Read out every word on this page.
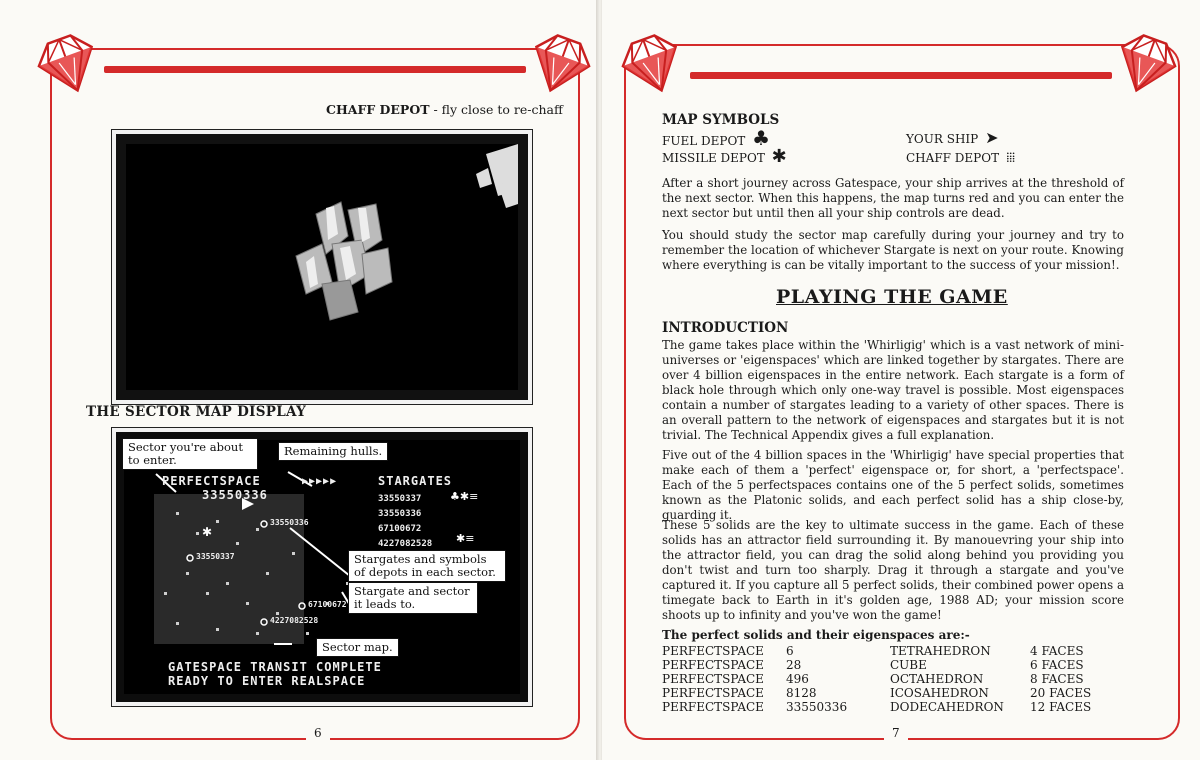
CHAFF DEPOT - fly close to re-chaff
THE SECTOR MAP DISPLAY
✱
♣✱≡
✱≡
PERFECTSPACE
33550336
▶▶▶▶▶	STARGATES
33550337
33550336
67100672
4227082528
33550336
33550337
67100672
4227082528
GATESPACE TRANSIT COMPLETE
READY TO ENTER REALSPACE
Sector you're about to enter.
Remaining hulls.
Stargates and symbols of depots in each sector.
Stargate and sector it leads to.
Sector map.
6	7
MAP SYMBOLS
FUEL DEPOT ♣
MISSILE DEPOT ✱
YOUR SHIP ➤
CHAFF DEPOT ⁞⁞⁞
After a short journey across Gatespace, your ship arrives at the threshold of the next sector. When this happens, the map turns red and you can enter the next sector but until then all your ship controls are dead.
You should study the sector map carefully during your journey and try to remember the location of whichever Stargate is next on your route. Knowing where everything is can be vitally important to the success of your mission!.
PLAYING THE GAME
INTRODUCTION
The game takes place within the 'Whirligig' which is a vast network of mini-universes or 'eigenspaces' which are linked together by stargates. There are over 4 billion eigenspaces in the entire network. Each stargate is a form of black hole through which only one-way travel is possible. Most eigenspaces contain a number of stargates leading to a variety of other spaces. There is an overall pattern to the network of eigenspaces and stargates but it is not trivial. The Technical Appendix gives a full explanation.
Five out of the 4 billion spaces in the 'Whirligig' have special properties that make each of them a 'perfect' eigenspace or, for short, a 'perfectspace'. Each of the 5 perfectspaces contains one of the 5 perfect solids, sometimes known as the Platonic solids, and each perfect solid has a ship close-by, guarding it.
These 5 solids are the key to ultimate success in the game. Each of these solids has an attractor field surrounding it. By manouevring your ship into the attractor field, you can drag the solid along behind you providing you don't twist and turn too sharply. Drag it through a stargate and you've captured it. If you capture all 5 perfect solids, their combined power opens a timegate back to Earth in it's golden age, 1988 AD; your mission score shoots up to infinity and you've won the game!
The perfect solids and their eigenspaces are:-
PERFECTSPACE	6	TETRAHEDRON	4 FACES
PERFECTSPACE	28	CUBE	6 FACES
PERFECTSPACE	496	OCTAHEDRON	8 FACES
PERFECTSPACE	8128	ICOSAHEDRON	20 FACES
PERFECTSPACE	33550336	DODECAHEDRON	12 FACES
